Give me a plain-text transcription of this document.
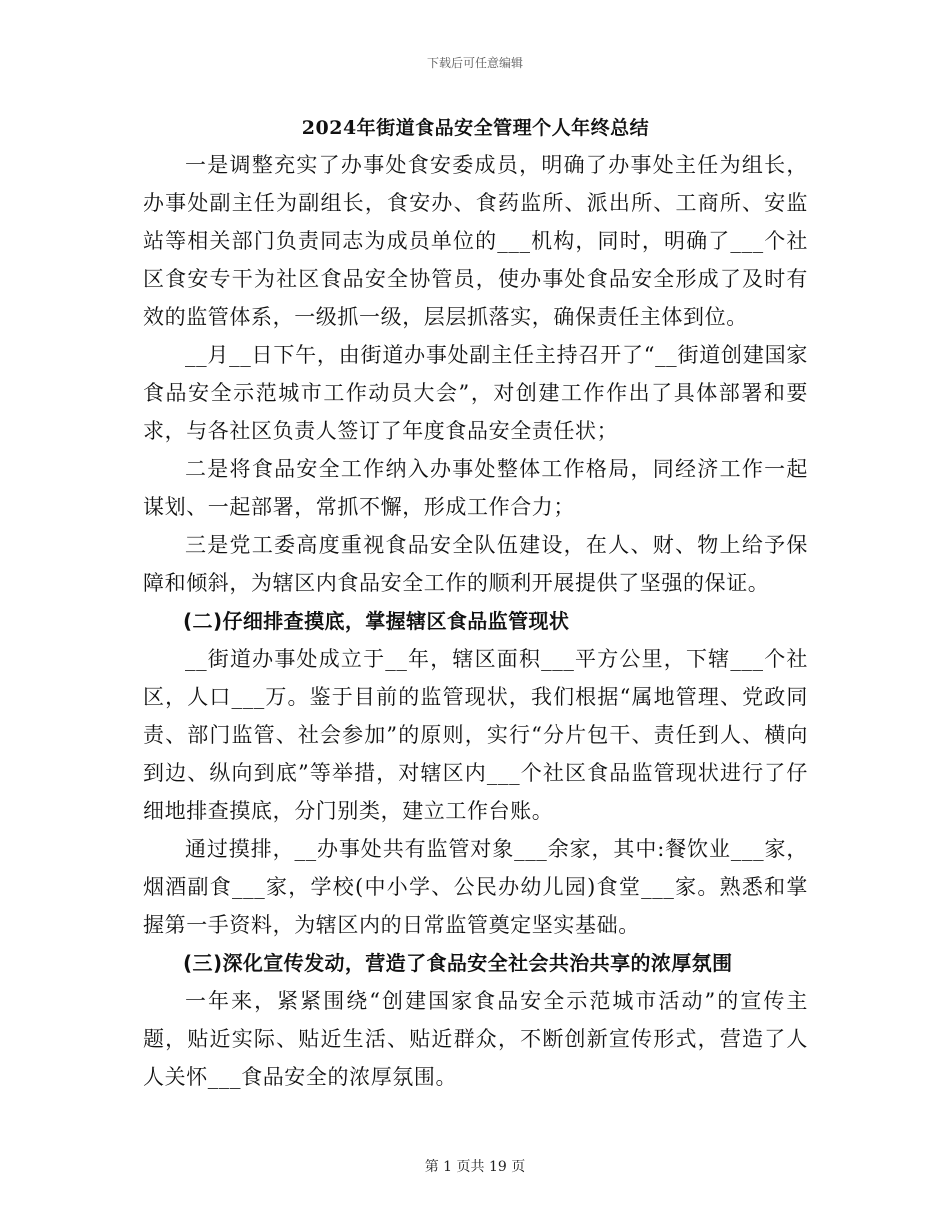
下载后可任意编辑
2024年街道食品安全管理个人年终总结

一是调整充实了办事处食安委成员，明确了办事处主任为组长，办事处副主任为副组长，食安办、食药监所、派出所、工商所、安监站等相关部门负责同志为成员单位的___机构，同时，明确了___个社区食安专干为社区食品安全协管员，使办事处食品安全形成了及时有效的监管体系，一级抓一级，层层抓落实，确保责任主体到位。

__月__日下午，由街道办事处副主任主持召开了“__街道创建国家食品安全示范城市工作动员大会”，对创建工作作出了具体部署和要求，与各社区负责人签订了年度食品安全责任状；

二是将食品安全工作纳入办事处整体工作格局，同经济工作一起谋划、一起部署，常抓不懈，形成工作合力；

三是党工委高度重视食品安全队伍建设，在人、财、物上给予保障和倾斜，为辖区内食品安全工作的顺利开展提供了坚强的保证。

(二)仔细排查摸底，掌握辖区食品监管现状

__街道办事处成立于__年，辖区面积___平方公里，下辖___个社区，人口___万。鉴于目前的监管现状，我们根据“属地管理、党政同责、部门监管、社会参加”的原则，实行“分片包干、责任到人、横向到边、纵向到底”等举措，对辖区内___个社区食品监管现状进行了仔细地排查摸底，分门别类，建立工作台账。

通过摸排，__办事处共有监管对象___余家，其中:餐饮业___家，烟酒副食___家，学校(中小学、公民办幼儿园)食堂___家。熟悉和掌握第一手资料，为辖区内的日常监管奠定坚实基础。

(三)深化宣传发动，营造了食品安全社会共治共享的浓厚氛围

一年来，紧紧围绕“创建国家食品安全示范城市活动”的宣传主题，贴近实际、贴近生活、贴近群众，不断创新宣传形式，营造了人人关怀___食品安全的浓厚氛围。

第 1 页共 19 页
